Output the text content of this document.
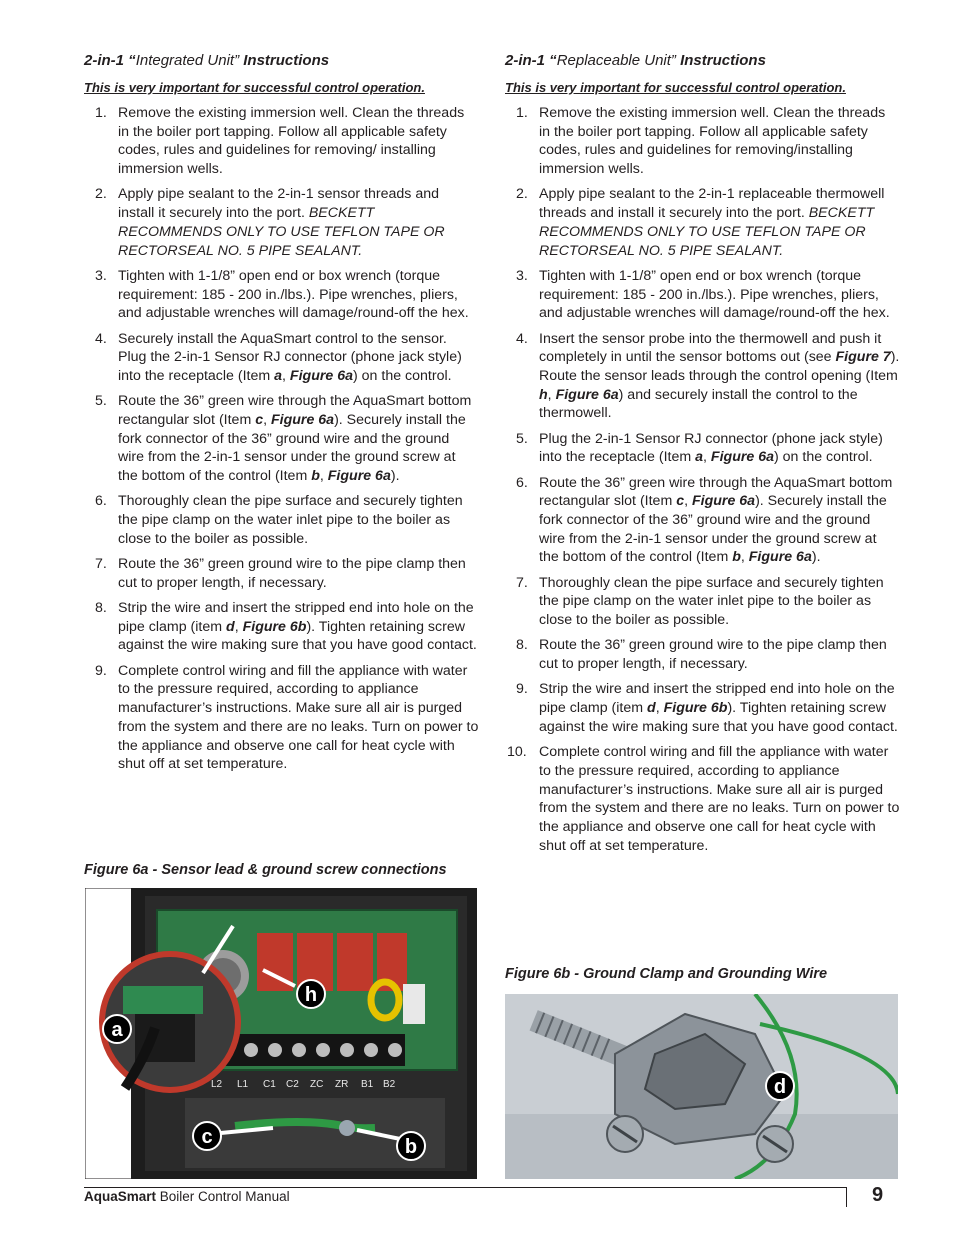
2-in-1 “Integrated Unit” Instructions
This is very important for successful control operation.
1. Remove the existing immersion well. Clean the threads in the boiler port tapping. Follow all applicable safety codes, rules and guidelines for removing/ installing immersion wells.
2. Apply pipe sealant to the 2-in-1 sensor threads and install it securely into the port. BECKETT RECOMMENDS ONLY TO USE TEFLON TAPE OR RECTORSEAL NO. 5 PIPE SEALANT.
3. Tighten with 1-1/8” open end or box wrench (torque requirement: 185 - 200 in./lbs.). Pipe wrenches, pliers, and adjustable wrenches will damage/round-off the hex.
4. Securely install the AquaSmart control to the sensor. Plug the 2-in-1 Sensor RJ connector (phone jack style) into the receptacle (Item a, Figure 6a) on the control.
5. Route the 36” green wire through the AquaSmart bottom rectangular slot (Item c, Figure 6a). Securely install the fork connector of the 36” ground wire and the ground wire from the 2-in-1 sensor under the ground screw at the bottom of the control (Item b, Figure 6a).
6. Thoroughly clean the pipe surface and securely tighten the pipe clamp on the water inlet pipe to the boiler as close to the boiler as possible.
7. Route the 36” green ground wire to the pipe clamp then cut to proper length, if necessary.
8. Strip the wire and insert the stripped end into hole on the pipe clamp (item d, Figure 6b). Tighten retaining screw against the wire making sure that you have good contact.
9. Complete control wiring and fill the appliance with water to the pressure required, according to appliance manufacturer’s instructions. Make sure all air is purged from the system and there are no leaks. Turn on power to the appliance and observe one call for heat cycle with shut off at set temperature.
Figure 6a - Sensor lead & ground screw connections
2-in-1 “Replaceable Unit” Instructions
This is very important for successful control operation.
1. Remove the existing immersion well. Clean the threads in the boiler port tapping. Follow all applicable safety codes, rules and guidelines for removing/installing immersion wells.
2. Apply pipe sealant to the 2-in-1 replaceable thermowell threads and install it securely into the port. BECKETT RECOMMENDS ONLY TO USE TEFLON TAPE OR RECTORSEAL NO. 5 PIPE SEALANT.
3. Tighten with 1-1/8” open end or box wrench (torque requirement: 185 - 200 in./lbs.). Pipe wrenches, pliers, and adjustable wrenches will damage/round-off the hex.
4. Insert the sensor probe into the thermowell and push it completely in until the sensor bottoms out (see Figure 7). Route the sensor leads through the control opening (Item h, Figure 6a) and securely install the control to the thermowell.
5. Plug the 2-in-1 Sensor RJ connector (phone jack style) into the receptacle (Item a, Figure 6a) on the control.
6. Route the 36” green wire through the AquaSmart bottom rectangular slot (Item c, Figure 6a). Securely install the fork connector of the 36” ground wire and the ground wire from the 2-in-1 sensor under the ground screw at the bottom of the control (Item b, Figure 6a).
7. Thoroughly clean the pipe surface and securely tighten the pipe clamp on the water inlet pipe to the boiler as close to the boiler as possible.
8. Route the 36” green ground wire to the pipe clamp then cut to proper length, if necessary.
9. Strip the wire and insert the stripped end into hole on the pipe clamp (item d, Figure 6b). Tighten retaining screw against the wire making sure that you have good contact.
10. Complete control wiring and fill the appliance with water to the pressure required, according to appliance manufacturer’s instructions. Make sure all air is purged from the system and there are no leaks. Turn on power to the appliance and observe one call for heat cycle with shut off at set temperature.
Figure 6b - Ground Clamp and Grounding Wire
L2 L1 C1 C2 ZC ZR B1 B2
h
a
c	b
d
AquaSmart Boiler Control Manual	9
